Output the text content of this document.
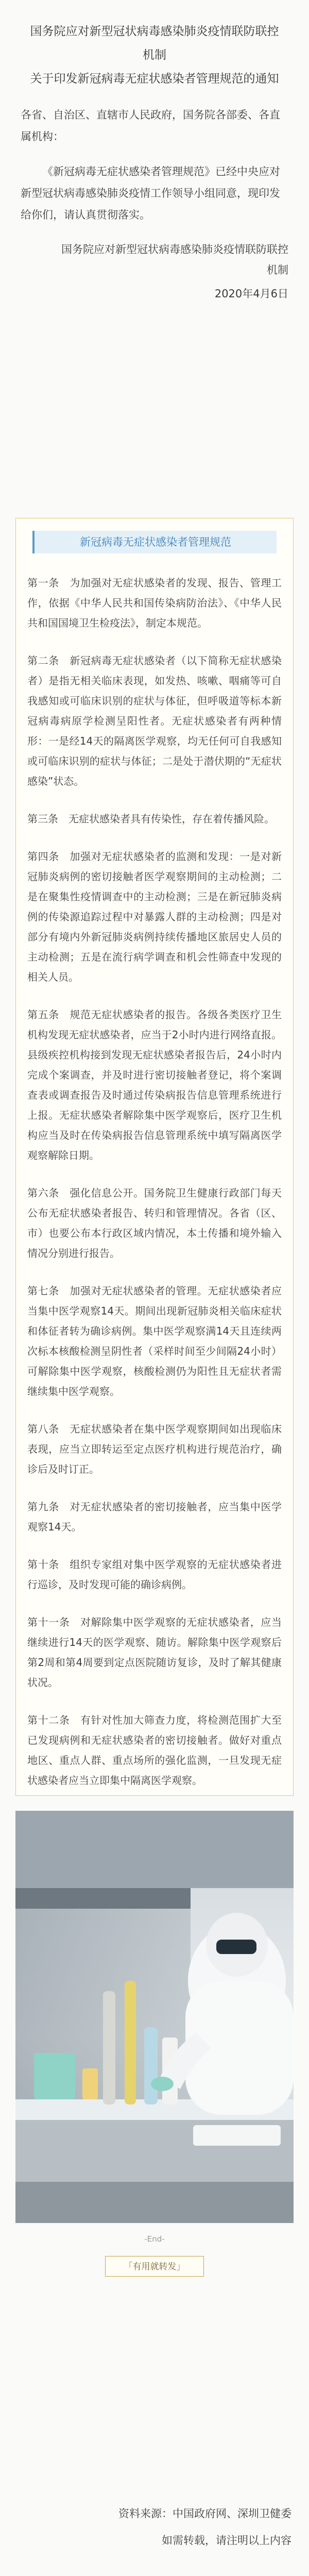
国务院应对新型冠状病毒感染肺炎疫情联防联控
机制
关于印发新冠病毒无症状感染者管理规范的通知

各省、自治区、直辖市人民政府，国务院各部委、各直属机构：

《新冠病毒无症状感染者管理规范》已经中央应对新型冠状病毒感染肺炎疫情工作领导小组同意，现印发给你们，请认真贯彻落实。

国务院应对新型冠状病毒感染肺炎疫情联防联控
机制

2020年4月6日

新冠病毒无症状感染者管理规范

第一条　为加强对无症状感染者的发现、报告、管理工作，依据《中华人民共和国传染病防治法》、《中华人民共和国国境卫生检疫法》，制定本规范。

第二条　新冠病毒无症状感染者（以下简称无症状感染者）是指无相关临床表现，如发热、咳嗽、咽痛等可自我感知或可临床识别的症状与体征，但呼吸道等标本新冠病毒病原学检测呈阳性者。无症状感染者有两种情形：一是经14天的隔离医学观察，均无任何可自我感知或可临床识别的症状与体征；二是处于潜伏期的“无症状感染”状态。

第三条　无症状感染者具有传染性，存在着传播风险。

第四条　加强对无症状感染者的监测和发现：一是对新冠肺炎病例的密切接触者医学观察期间的主动检测；二是在聚集性疫情调查中的主动检测；三是在新冠肺炎病例的传染源追踪过程中对暴露人群的主动检测；四是对部分有境内外新冠肺炎病例持续传播地区旅居史人员的主动检测；五是在流行病学调查和机会性筛查中发现的相关人员。

第五条　规范无症状感染者的报告。各级各类医疗卫生机构发现无症状感染者，应当于2小时内进行网络直报。县级疾控机构接到发现无症状感染者报告后，24小时内完成个案调查，并及时进行密切接触者登记，将个案调查表或调查报告及时通过传染病报告信息管理系统进行上报。无症状感染者解除集中医学观察后，医疗卫生机构应当及时在传染病报告信息管理系统中填写隔离医学观察解除日期。

第六条　强化信息公开。国务院卫生健康行政部门每天公布无症状感染者报告、转归和管理情况。各省（区、市）也要公布本行政区域内情况，本土传播和境外输入情况分别进行报告。

第七条　加强对无症状感染者的管理。无症状感染者应当集中医学观察14天。期间出现新冠肺炎相关临床症状和体征者转为确诊病例。集中医学观察满14天且连续两次标本核酸检测呈阴性者（采样时间至少间隔24小时）可解除集中医学观察，核酸检测仍为阳性且无症状者需继续集中医学观察。

第八条　无症状感染者在集中医学观察期间如出现临床表现，应当立即转运至定点医疗机构进行规范治疗，确诊后及时订正。

第九条　对无症状感染者的密切接触者，应当集中医学观察14天。

第十条　组织专家组对集中医学观察的无症状感染者进行巡诊，及时发现可能的确诊病例。

第十一条　对解除集中医学观察的无症状感染者，应当继续进行14天的医学观察、随访。解除集中医学观察后第2周和第4周要到定点医院随访复诊，及时了解其健康状况。

第十二条　有针对性加大筛查力度，将检测范围扩大至已发现病例和无症状感染者的密切接触者。做好对重点地区、重点人群、重点场所的强化监测，一旦发现无症状感染者应当立即集中隔离医学观察。

-End-
「有用就转发」
资料来源：中国政府网、深圳卫健委
如需转载，请注明以上内容
